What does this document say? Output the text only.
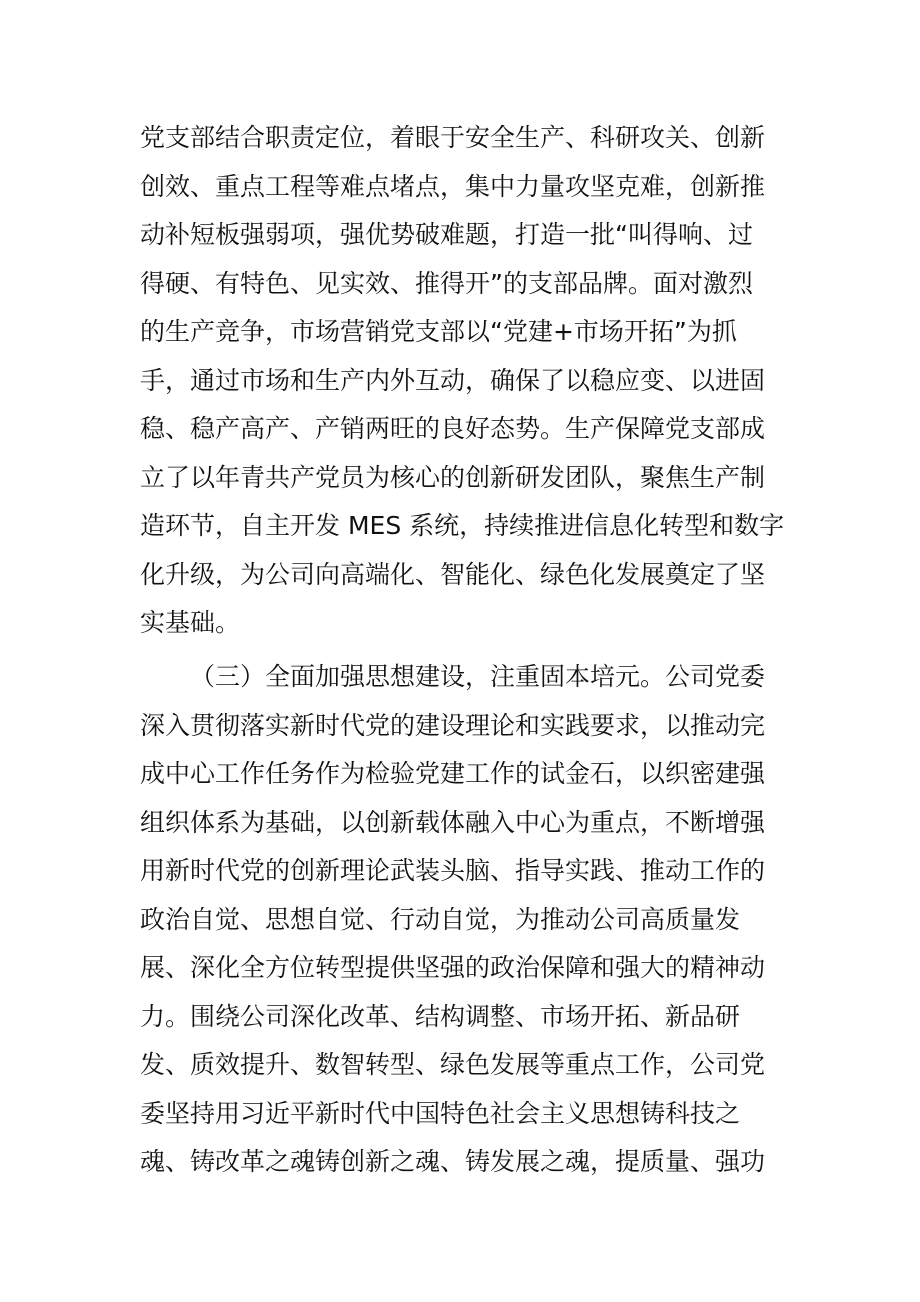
党支部结合职责定位，着眼于安全生产、科研攻关、创新
创效、重点工程等难点堵点，集中力量攻坚克难，创新推
动补短板强弱项，强优势破难题，打造一批“叫得响、过
得硬、有特色、见实效、推得开”的支部品牌。面对激烈
的生产竞争，市场营销党支部以“党建+市场开拓”为抓
手，通过市场和生产内外互动，确保了以稳应变、以进固
稳、稳产高产、产销两旺的良好态势。生产保障党支部成
立了以年青共产党员为核心的创新研发团队，聚焦生产制
造环节，自主开发 MES 系统，持续推进信息化转型和数字
化升级，为公司向高端化、智能化、绿色化发展奠定了坚
实基础。
（三）全面加强思想建设，注重固本培元。公司党委
深入贯彻落实新时代党的建设理论和实践要求，以推动完
成中心工作任务作为检验党建工作的试金石，以织密建强
组织体系为基础，以创新载体融入中心为重点，不断增强
用新时代党的创新理论武装头脑、指导实践、推动工作的
政治自觉、思想自觉、行动自觉，为推动公司高质量发
展、深化全方位转型提供坚强的政治保障和强大的精神动
力。围绕公司深化改革、结构调整、市场开拓、新品研
发、质效提升、数智转型、绿色发展等重点工作，公司党
委坚持用习近平新时代中国特色社会主义思想铸科技之
魂、铸改革之魂铸创新之魂、铸发展之魂，提质量、强功
